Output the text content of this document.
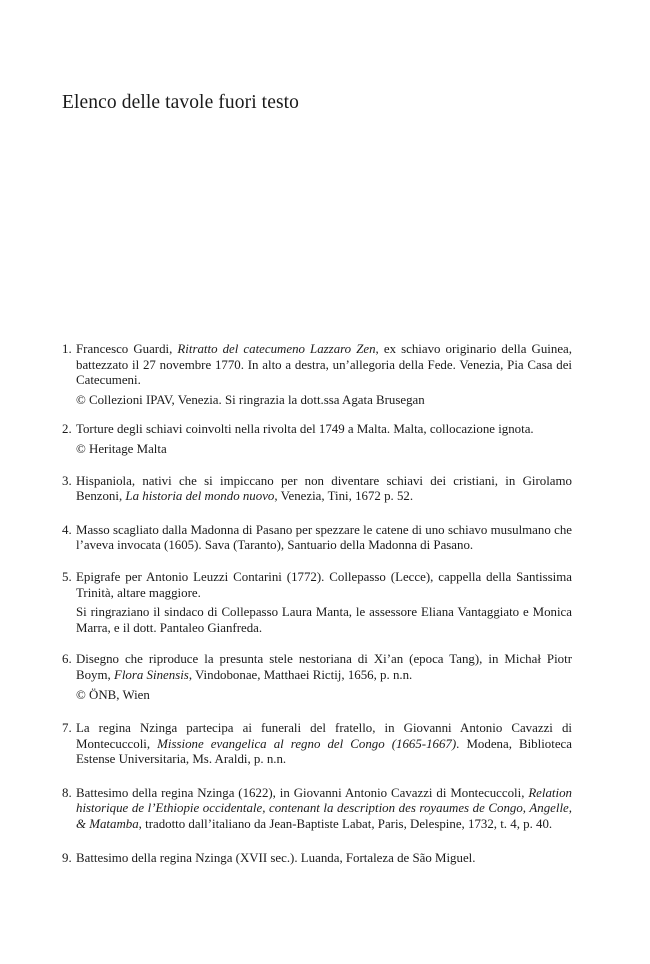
Elenco delle tavole fuori testo
1. Francesco Guardi, Ritratto del catecumeno Lazzaro Zen, ex schiavo originario della Guinea, battezzato il 27 novembre 1770. In alto a destra, un’allegoria della Fede. Venezia, Pia Casa dei Catecumeni.

© Collezioni IPAV, Venezia. Si ringrazia la dott.ssa Agata Brusegan

2. Torture degli schiavi coinvolti nella rivolta del 1749 a Malta. Malta, collocazione ignota.

© Heritage Malta

3. Hispaniola, nativi che si impiccano per non diventare schiavi dei cristiani, in Girolamo Benzoni, La historia del mondo nuovo, Venezia, Tini, 1672 p. 52.

4. Masso scagliato dalla Madonna di Pasano per spezzare le catene di uno schiavo musulmano che l’aveva invocata (1605). Sava (Taranto), Santuario della Madonna di Pasano.

5. Epigrafe per Antonio Leuzzi Contarini (1772). Collepasso (Lecce), cappella della Santissima Trinità, altare maggiore.

Si ringraziano il sindaco di Collepasso Laura Manta, le assessore Eliana Vantaggiato e Monica Marra, e il dott. Pantaleo Gianfreda.

6. Disegno che riproduce la presunta stele nestoriana di Xi’an (epoca Tang), in Michał Piotr Boym, Flora Sinensis, Vindobonae, Matthaei Rictij, 1656, p. n.n.

© ÖNB, Wien

7. La regina Nzinga partecipa ai funerali del fratello, in Giovanni Antonio Cavazzi di Montecuccoli, Missione evangelica al regno del Congo (1665-1667). Modena, Biblioteca Estense Universitaria, Ms. Araldi, p. n.n.

8. Battesimo della regina Nzinga (1622), in Giovanni Antonio Cavazzi di Montecuccoli, Relation historique de l’Ethiopie occidentale, contenant la description des royaumes de Congo, Angelle, & Matamba, tradotto dall’italiano da Jean-Baptiste Labat, Paris, Delespine, 1732, t. 4, p. 40.

9. Battesimo della regina Nzinga (XVII sec.). Luanda, Fortaleza de São Miguel.
